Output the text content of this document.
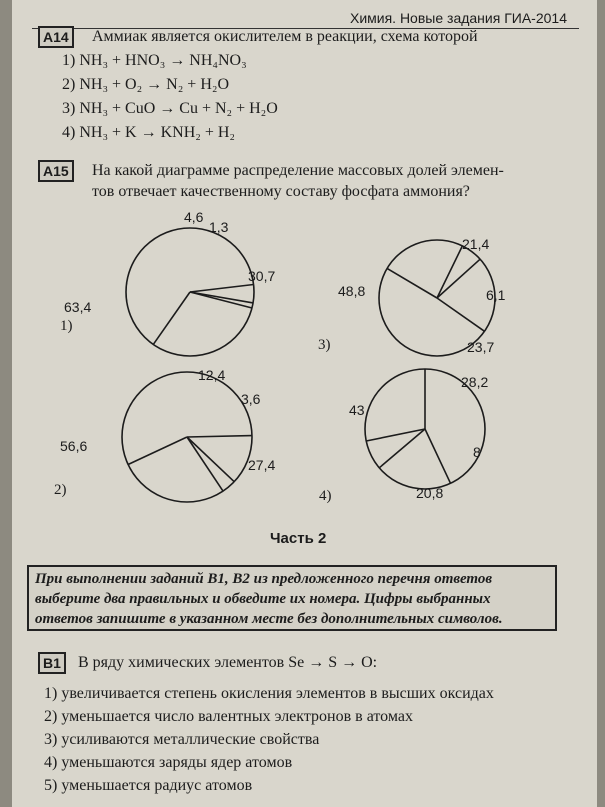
Химия. Новые задания ГИА-2014
A14	Аммиак является окислителем в реакции, схема которой
1) NH₃ + HNO₃ → NH₄NO₃
2) NH₃ + O₂ → N₂ + H₂O
3) NH₃ + CuO → Cu + N₂ + H₂O
4) NH₃ + K → KNH₂ + H₂
A15	На какой диаграмме распределение массовых долей элемен-
тов отвечает качественному составу фосфата аммония?
30,7
1,3
4,6
63,4
1)
27,4
3,6
12,4
56,6
2)
21,4
6,1
23,7
48,8
3)
28,2
8
20,8
43
4)
Часть 2
При выполнении заданий B1, B2 из предложенного перечня ответов выберите два правильных и обведите их номера. Цифры выбранных ответов запишите в указанном месте без дополнительных символов.
B1	В ряду химических элементов Se → S → O:
1) увеличивается степень окисления элементов в высших оксидах
2) уменьшается число валентных электронов в атомах
3) усиливаются металлические свойства
4) уменьшаются заряды ядер атомов
5) уменьшается радиус атомов
